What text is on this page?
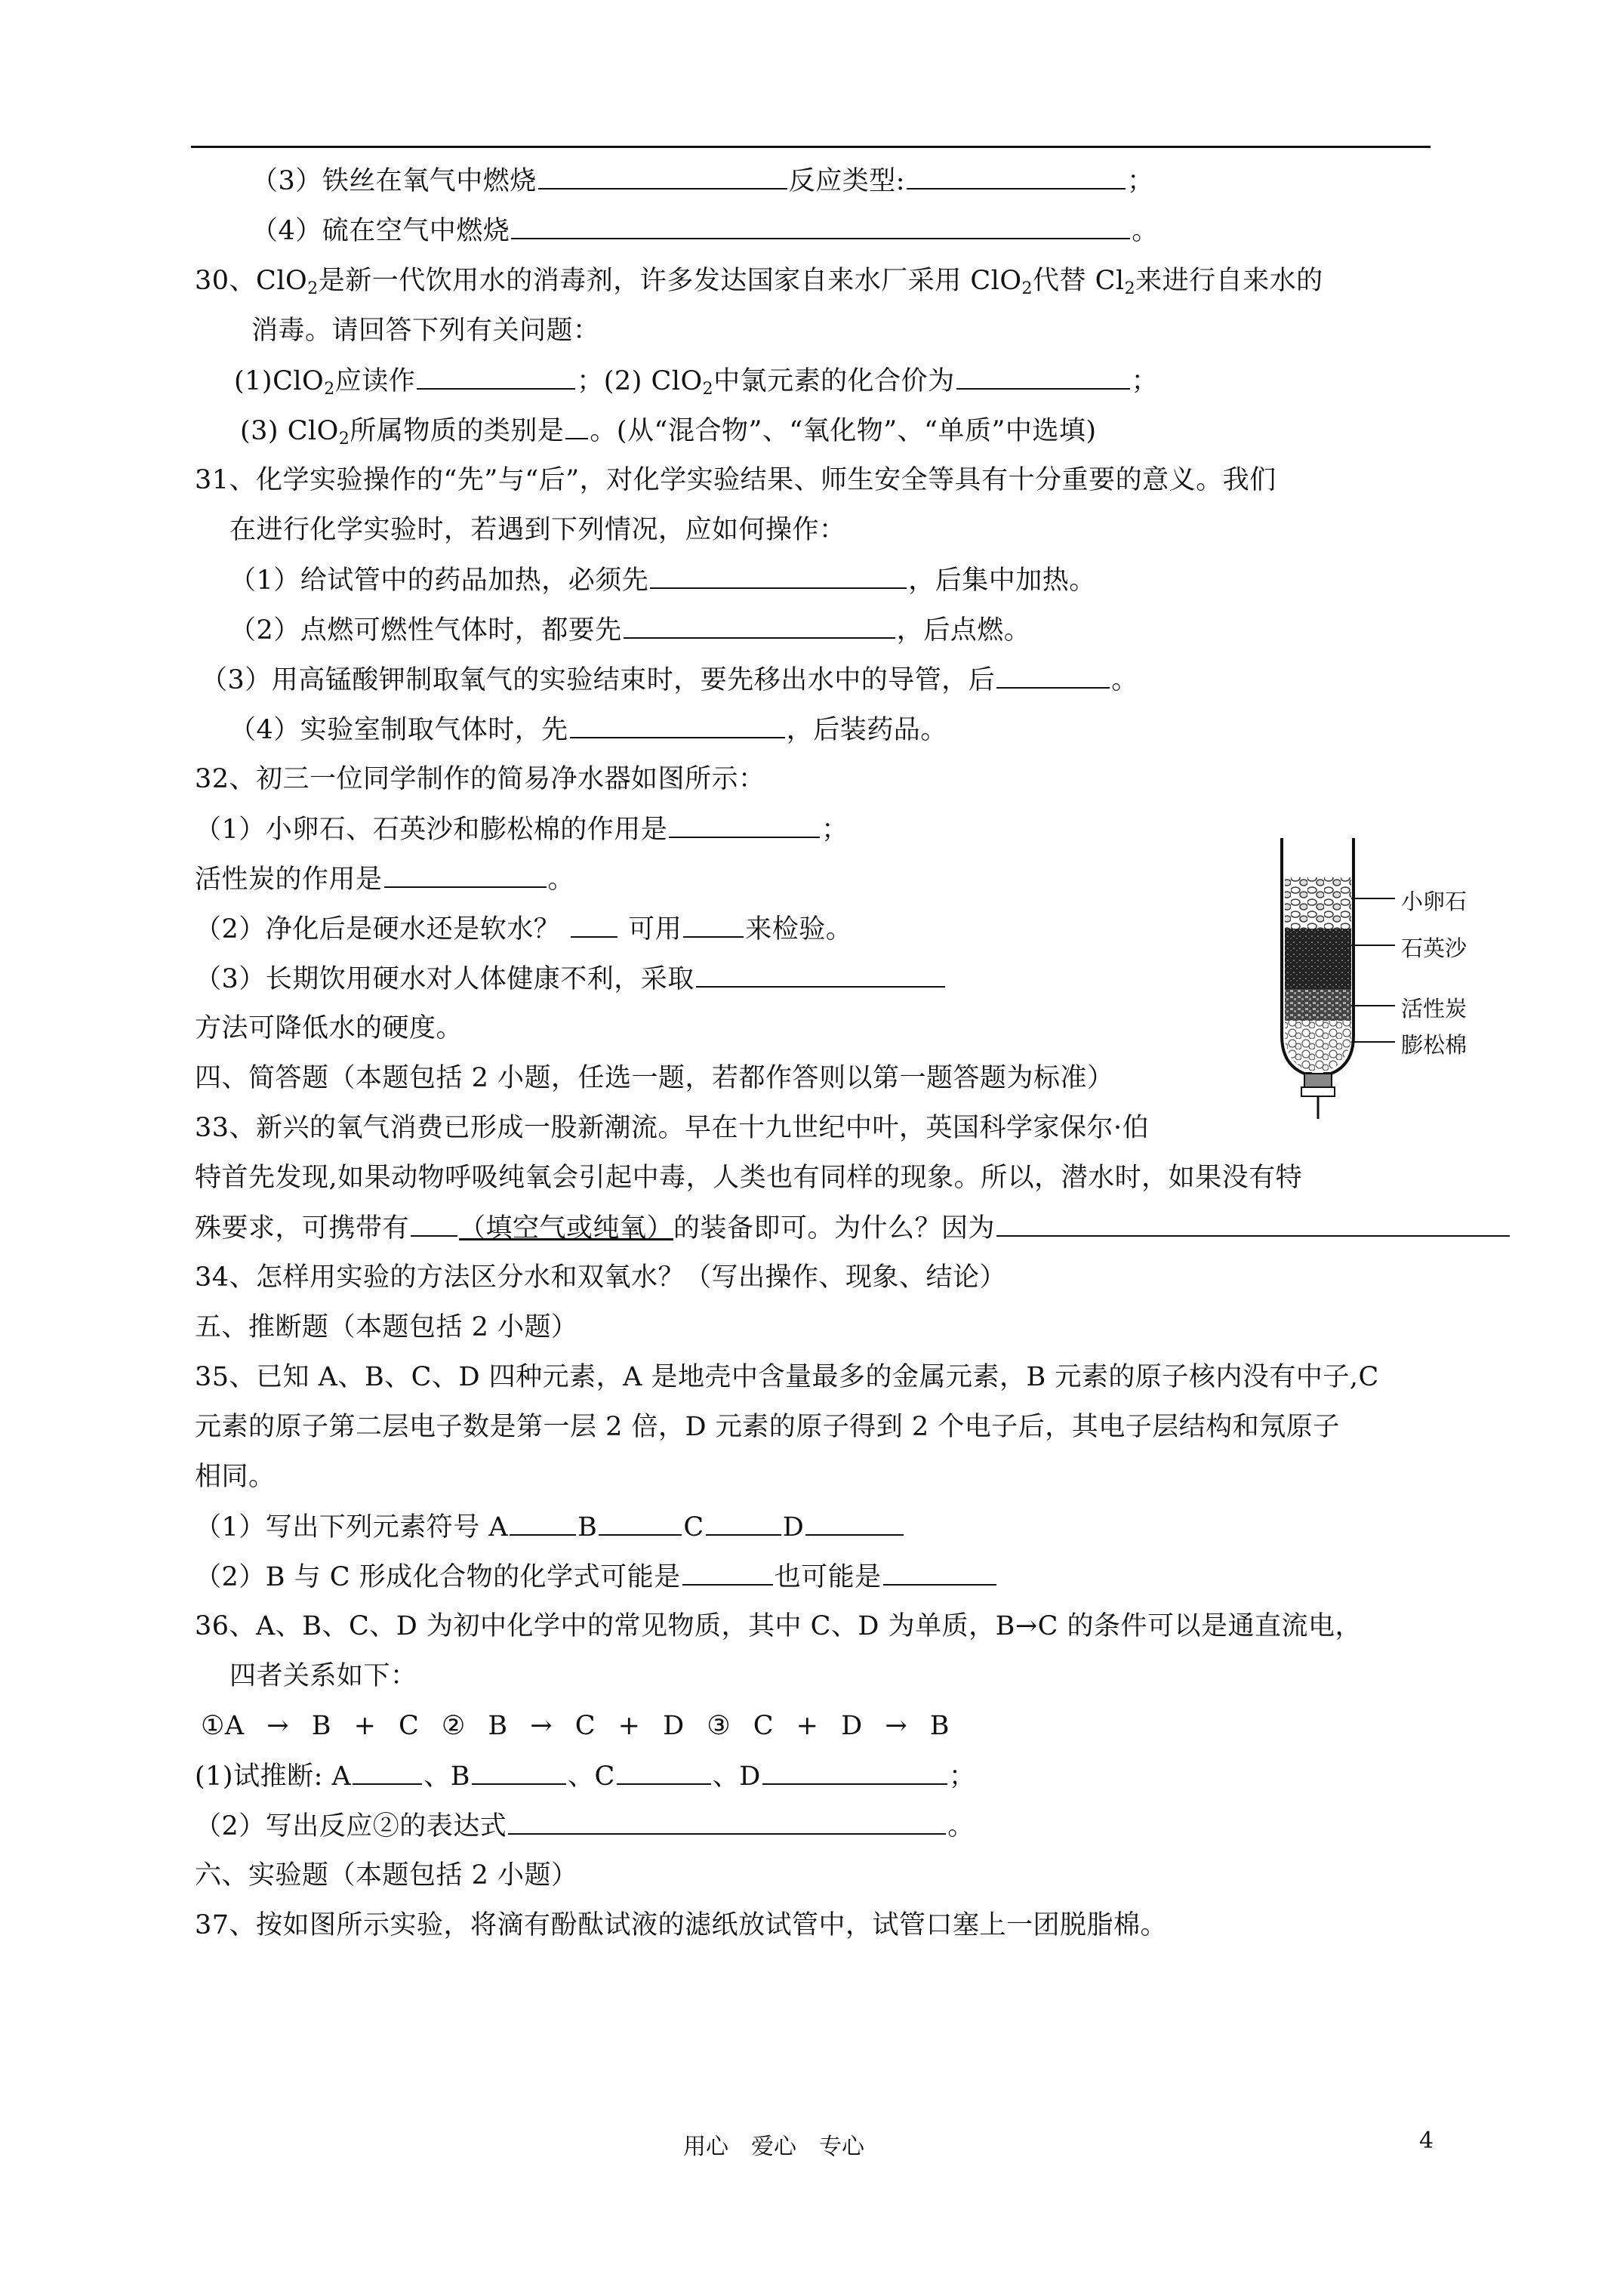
（3）铁丝在氧气中燃烧	反应类型:	；
（4）硫在空气中燃烧	。
30、ClO$_2$是新一代饮用水的消毒剂，许多发达国家自来水厂采用 ClO$_2$代替 $Cl_2$来进行自来水的
消毒。请回答下列有关问题：
(1)ClO$_2$应读作	；(2) ClO$_2$中氯元素的化合价为	；
(3) ClO$_2$所属物质的类别是 。(从“混合物”、“氧化物”、“单质”中选填)
31、化学实验操作的“先”与“后”，对化学实验结果、师生安全等具有十分重要的意义。我们
在进行化学实验时，若遇到下列情况，应如何操作：
（1）给试管中的药品加热，必须先	，后集中加热。
（2）点燃可燃性气体时，都要先	，后点燃。
（3）用高锰酸钾制取氧气的实验结束时，要先移出水中的导管，后	。
（4）实验室制取气体时，先	，后装药品。
32、初三一位同学制作的简易净水器如图所示：
（1）小卵石、石英沙和膨松棉的作用是	；
活性炭的作用是	。
（2）净化后是硬水还是软水？	可用 来检验。
（3）长期饮用硬水对人体健康不利，采取
方法可降低水的硬度。
四、简答题（本题包括 2 小题，任选一题，若都作答则以第一题答题为标准）
33、新兴的氧气消费已形成一股新潮流。早在十九世纪中叶，英国科学家保尔·伯
特首先发现,如果动物呼吸纯氧会引起中毒，人类也有同样的现象。所以，潜水时，如果没有特
殊要求，可携带有 （填空气或纯氧）的装备即可。为什么？因为
34、怎样用实验的方法区分水和双氧水？（写出操作、现象、结论）
五、推断题（本题包括 2 小题）
35、已知 A、B、C、D 四种元素，A 是地壳中含量最多的金属元素，B 元素的原子核内没有中子,C
元素的原子第二层电子数是第一层 2 倍，D 元素的原子得到 2 个电子后，其电子层结构和氖原子
相同。
（1）写出下列元素符号 A	B	C	D
（2）B 与 C 形成化合物的化学式可能是	也可能是
36、A、B、C、D 为初中化学中的常见物质，其中 C、D 为单质，B→C 的条件可以是通直流电，
四者关系如下：
①A → B + C ② B → C + D ③ C + D → B
(1)试推断: A	、B	、C	、D	；
（2）写出反应②的表达式	。
六、实验题（本题包括 2 小题）
37、按如图所示实验，将滴有酚酞试液的滤纸放试管中，试管口塞上一团脱脂棉。
小卵石
石英沙
活性炭
膨松棉
用心　爱心　专心	4
